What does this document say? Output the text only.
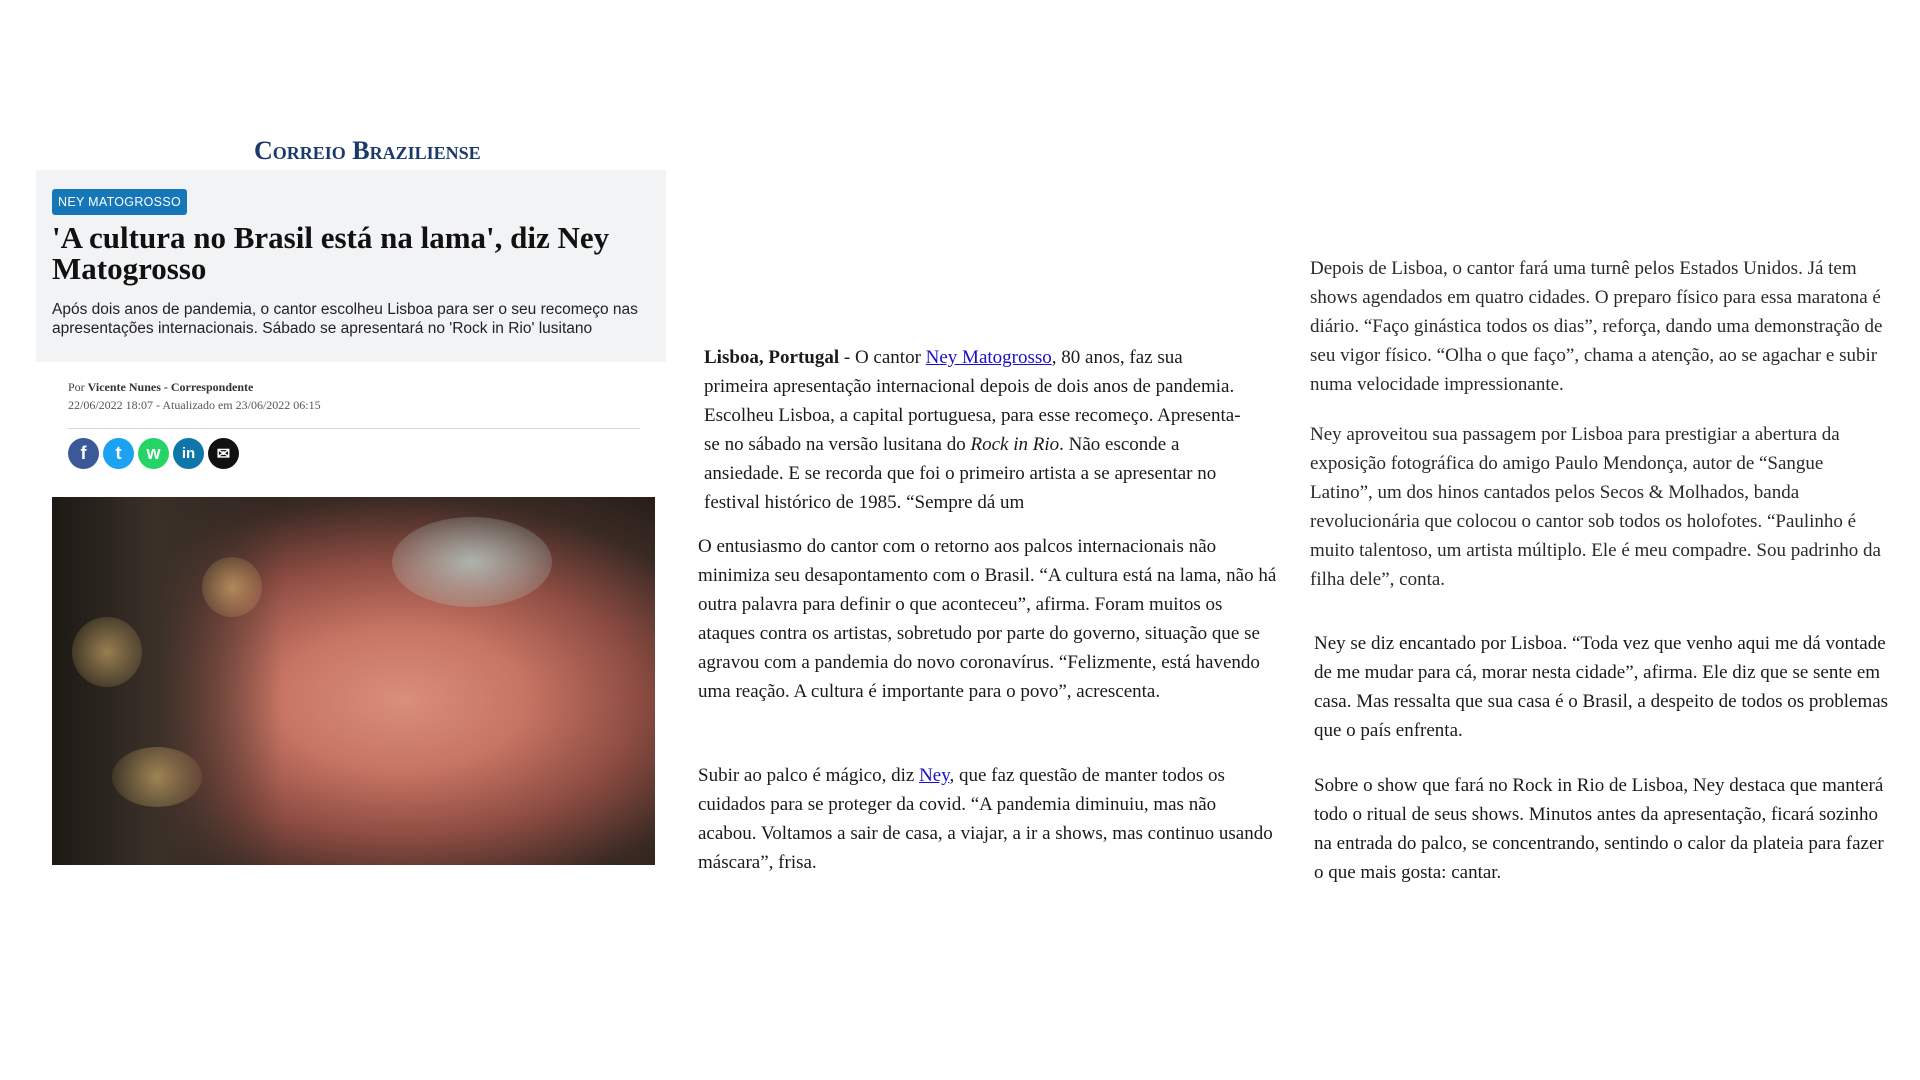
Correio Braziliense
NEY MATOGROSSO
'A cultura no Brasil está na lama', diz Ney Matogrosso
Após dois anos de pandemia, o cantor escolheu Lisboa para ser o seu recomeço nas apresentações internacionais. Sábado se apresentará no 'Rock in Rio' lusitano
Por Vicente Nunes - Correspondente
22/06/2022 18:07 - Atualizado em 23/06/2022 06:15
f	t	w	in	✉

Lisboa, Portugal - O cantor Ney Matogrosso, 80 anos, faz sua primeira apresentação internacional depois de dois anos de pandemia. Escolheu Lisboa, a capital portuguesa, para esse recomeço. Apresenta-se no sábado na versão lusitana do Rock in Rio. Não esconde a ansiedade. E se recorda que foi o primeiro artista a se apresentar no festival histórico de 1985. “Sempre dá um

O entusiasmo do cantor com o retorno aos palcos internacionais não minimiza seu desapontamento com o Brasil. “A cultura está na lama, não há outra palavra para definir o que aconteceu”, afirma. Foram muitos os ataques contra os artistas, sobretudo por parte do governo, situação que se agravou com a pandemia do novo coronavírus. “Felizmente, está havendo uma reação. A cultura é importante para o povo”, acrescenta.

Subir ao palco é mágico, diz Ney, que faz questão de manter todos os cuidados para se proteger da covid. “A pandemia diminuiu, mas não acabou. Voltamos a sair de casa, a viajar, a ir a shows, mas continuo usando máscara”, frisa.

Depois de Lisboa, o cantor fará uma turnê pelos Estados Unidos. Já tem shows agendados em quatro cidades. O preparo físico para essa maratona é diário. “Faço ginástica todos os dias”, reforça, dando uma demonstração de seu vigor físico. “Olha o que faço”, chama a atenção, ao se agachar e subir numa velocidade impressionante.

Ney aproveitou sua passagem por Lisboa para prestigiar a abertura da exposição fotográfica do amigo Paulo Mendonça, autor de “Sangue Latino”, um dos hinos cantados pelos Secos & Molhados, banda revolucionária que colocou o cantor sob todos os holofotes. “Paulinho é muito talentoso, um artista múltiplo. Ele é meu compadre. Sou padrinho da filha dele”, conta.

Ney se diz encantado por Lisboa. “Toda vez que venho aqui me dá vontade de me mudar para cá, morar nesta cidade”, afirma. Ele diz que se sente em casa. Mas ressalta que sua casa é o Brasil, a despeito de todos os problemas que o país enfrenta.

Sobre o show que fará no Rock in Rio de Lisboa, Ney destaca que manterá todo o ritual de seus shows. Minutos antes da apresentação, ficará sozinho na entrada do palco, se concentrando, sentindo o calor da plateia para fazer o que mais gosta: cantar.
